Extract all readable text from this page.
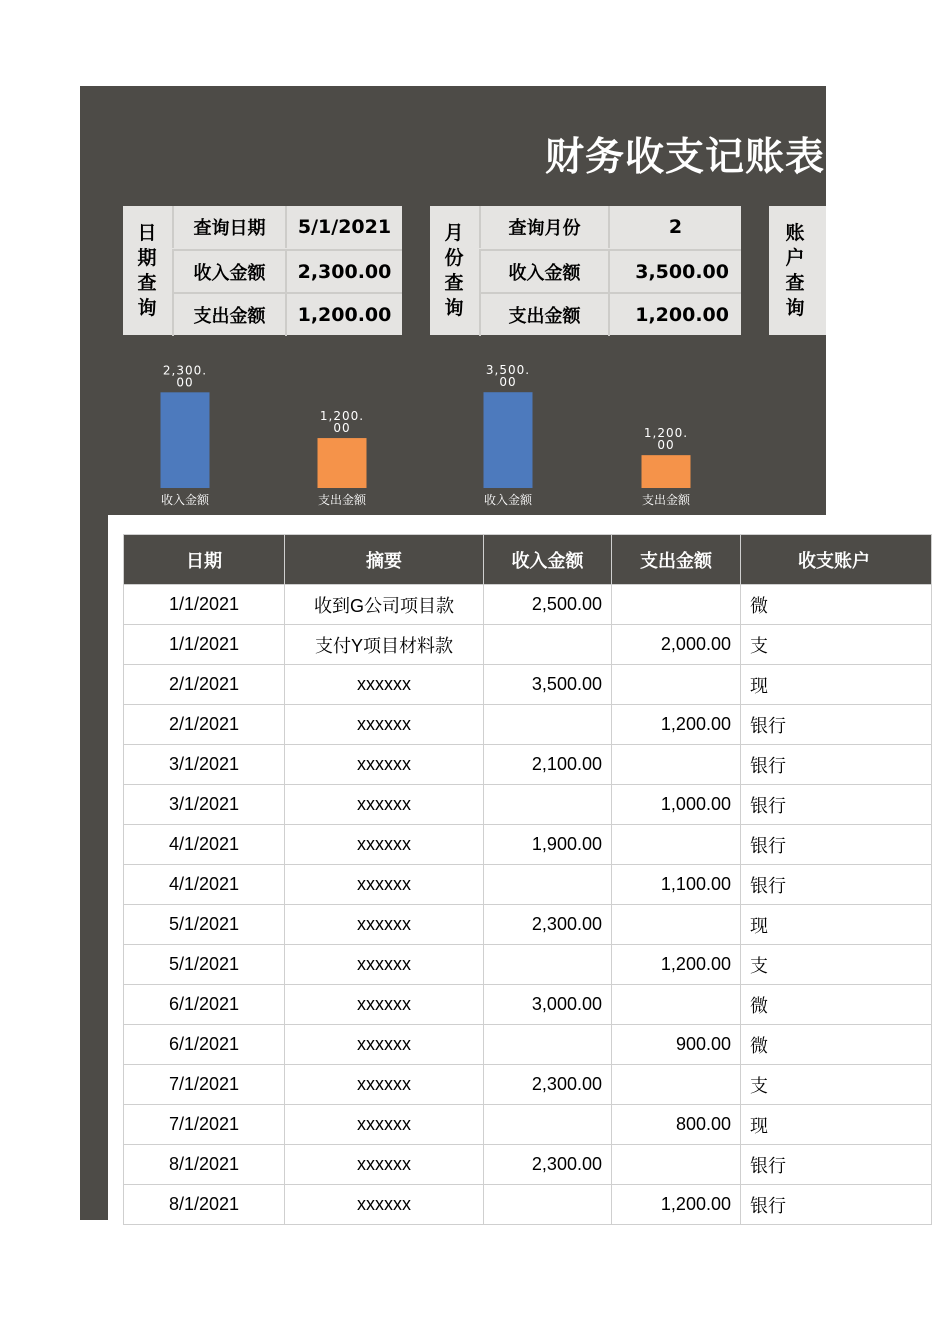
财务收支记账表
日
期
查
询
查询日期	5/1/2021
收入金额	2,300.00
支出金额	1,200.00
月
份
查
询
查询月份	2
收入金额	3,500.00
支出金额	1,200.00
账
户
查
询
2,300. 00
收入金额
1,200. 00
支出金额
3,500. 00
收入金额
1,200. 00
支出金额
日期	摘要	收入金额	支出金额	收支账户
1/1/2021	收到G公司项目款	2,500.00		微
1/1/2021	支付Y项目材料款		2,000.00	支
2/1/2021	xxxxxx	3,500.00		现
2/1/2021	xxxxxx		1,200.00	银行
3/1/2021	xxxxxx	2,100.00		银行
3/1/2021	xxxxxx		1,000.00	银行
4/1/2021	xxxxxx	1,900.00		银行
4/1/2021	xxxxxx		1,100.00	银行
5/1/2021	xxxxxx	2,300.00		现
5/1/2021	xxxxxx		1,200.00	支
6/1/2021	xxxxxx	3,000.00		微
6/1/2021	xxxxxx		900.00	微
7/1/2021	xxxxxx	2,300.00		支
7/1/2021	xxxxxx		800.00	现
8/1/2021	xxxxxx	2,300.00		银行
8/1/2021	xxxxxx		1,200.00	银行
